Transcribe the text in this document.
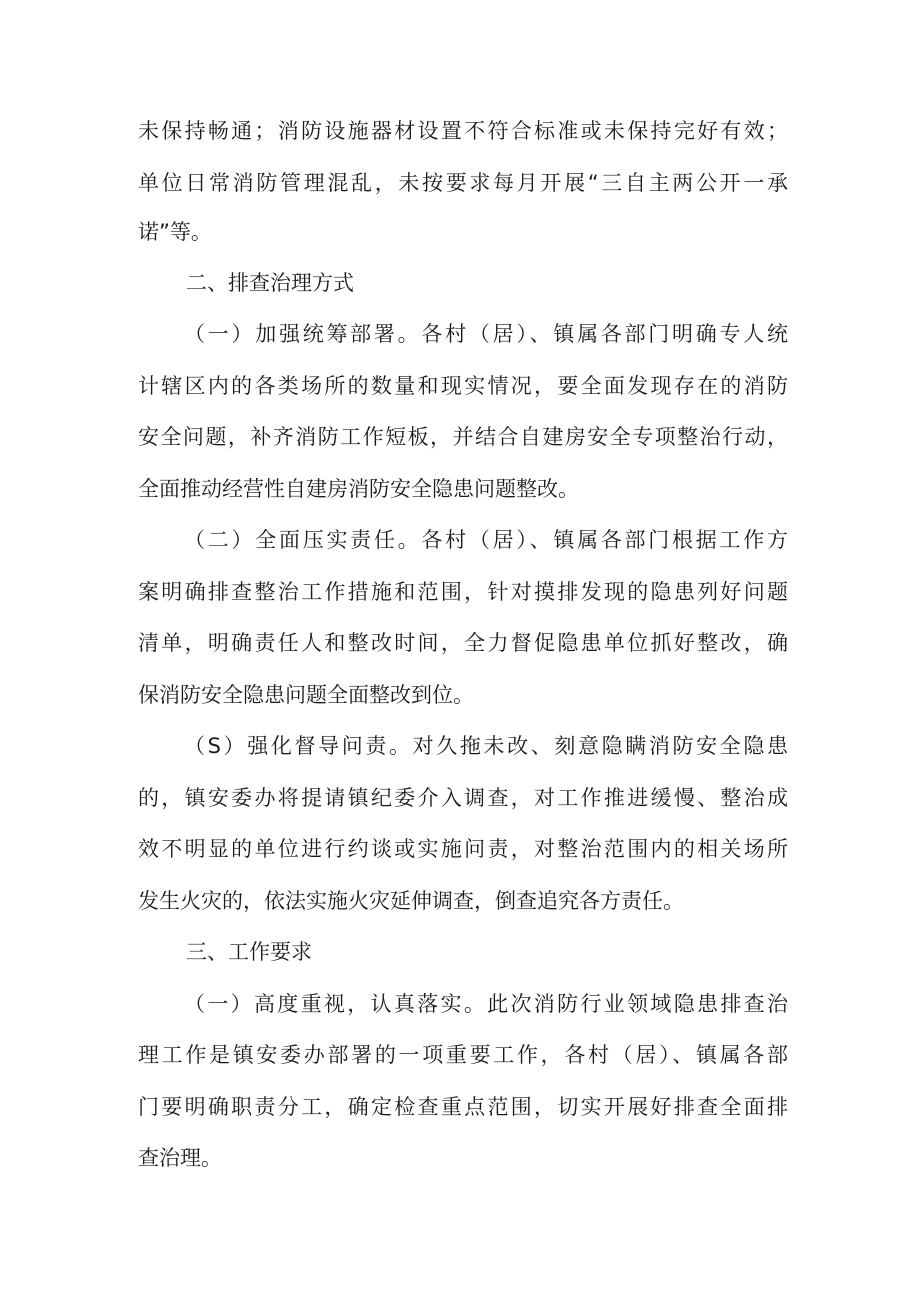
未保持畅通；消防设施器材设置不符合标准或未保持完好有效；

单位日常消防管理混乱，未按要求每月开展“三自主两公开一承

诺”等。

二、排查治理方式

（一）加强统筹部署。各村（居）、镇属各部门明确专人统

计辖区内的各类场所的数量和现实情况，要全面发现存在的消防

安全问题，补齐消防工作短板，并结合自建房安全专项整治行动，

全面推动经营性自建房消防安全隐患问题整改。

（二）全面压实责任。各村（居）、镇属各部门根据工作方

案明确排查整治工作措施和范围，针对摸排发现的隐患列好问题

清单，明确责任人和整改时间，全力督促隐患单位抓好整改，确

保消防安全隐患问题全面整改到位。

（S）强化督导问责。对久拖未改、刻意隐瞒消防安全隐患

的，镇安委办将提请镇纪委介入调查，对工作推进缓慢、整治成

效不明显的单位进行约谈或实施问责，对整治范围内的相关场所

发生火灾的，依法实施火灾延伸调查，倒查追究各方责任。

三、工作要求

（一）高度重视，认真落实。此次消防行业领域隐患排查治

理工作是镇安委办部署的一项重要工作，各村（居）、镇属各部

门要明确职责分工，确定检查重点范围，切实开展好排查全面排

查治理。
